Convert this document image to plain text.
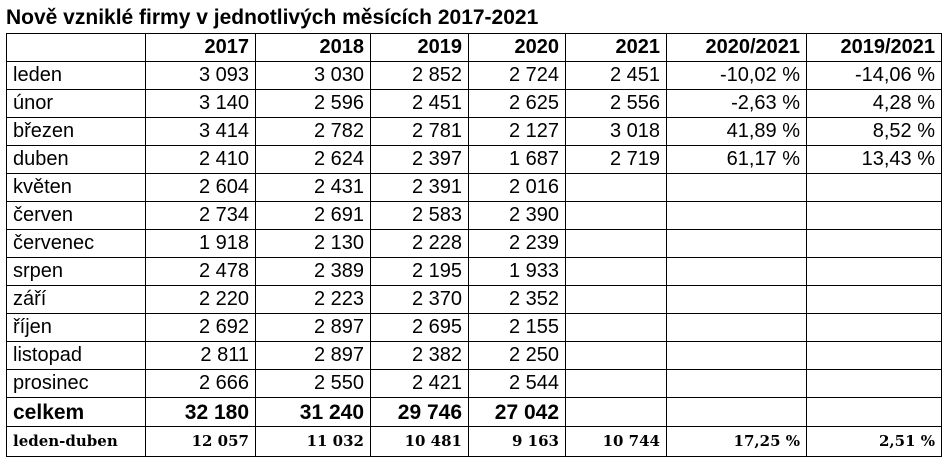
Nově vzniklé firmy v jednotlivých měsících 2017-2021
	2017	2018	2019	2020	2021	2020/2021	2019/2021
leden	3 093	3 030	2 852	2 724	2 451	-10,02 %	-14,06 %
únor	3 140	2 596	2 451	2 625	2 556	-2,63 %	4,28 %
březen	3 414	2 782	2 781	2 127	3 018	41,89 %	8,52 %
duben	2 410	2 624	2 397	1 687	2 719	61,17 %	13,43 %
květen	2 604	2 431	2 391	2 016			
červen	2 734	2 691	2 583	2 390			
červenec	1 918	2 130	2 228	2 239			
srpen	2 478	2 389	2 195	1 933			
září	2 220	2 223	2 370	2 352			
říjen	2 692	2 897	2 695	2 155			
listopad	2 811	2 897	2 382	2 250			
prosinec	2 666	2 550	2 421	2 544			
celkem	32 180	31 240	29 746	27 042			
leden-duben	12 057	11 032	10 481	9 163	10 744	17,25 %	2,51 %
